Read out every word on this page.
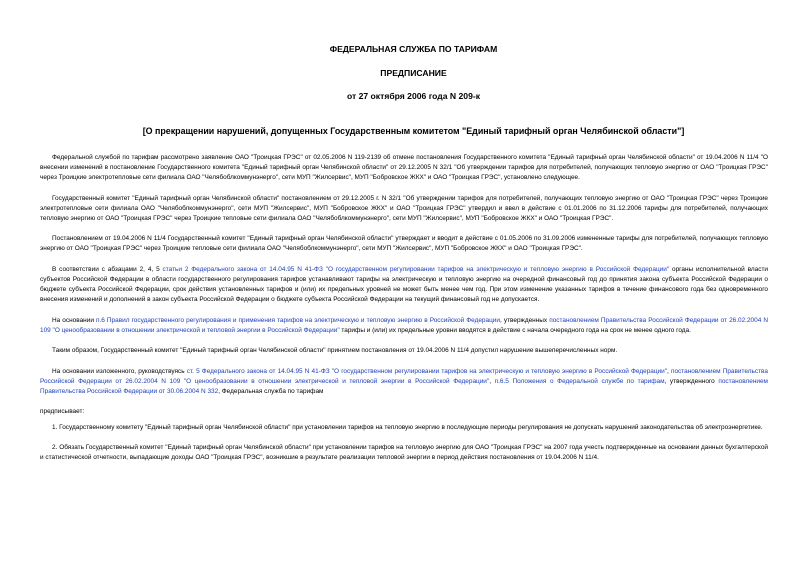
ФЕДЕРАЛЬНАЯ СЛУЖБА ПО ТАРИФАМ
ПРЕДПИСАНИЕ
от 27 октября 2006 года N 209-к
[О прекращении нарушений, допущенных Государственным комитетом "Единый тарифный орган Челябинской области"]

Федеральной службой по тарифам рассмотрено заявление ОАО "Троицкая ГРЭС" от 02.05.2006 N 119-2139 об отмене постановления Государственного комитета "Единый тарифный орган Челябинской области" от 19.04.2006 N 11/4 "О внесении изменений в постановление Государственного комитета "Единый тарифный орган Челябинской области" от 29.12.2005 N 32/1 "Об утверждении тарифов для потребителей, получающих тепловую энергию от ОАО "Троицкая ГРЭС" через Троицкие электротепловые сети филиала ОАО "Челябоблкоммунэнерго", сети МУП "Жилсервис", МУП "Бобровское ЖКХ" и ОАО "Троицкая ГРЭС", установлено следующее.

Государственный комитет "Единый тарифный орган Челябинской области" постановлением от 29.12.2005 г. N 32/1 "Об утверждении тарифов для потребителей, получающих тепловую энергию от ОАО "Троицкая ГРЭС" через Троицкие электротепловые сети филиала ОАО "Челябоблкоммунэнерго", сети МУП "Жилсервис", МУП "Бобровское ЖКХ" и ОАО "Троицкая ГРЭС" утвердил и ввел в действие с 01.01.2006 по 31.12.2006 тарифы для потребителей, получающих тепловую энергию от ОАО "Троицкая ГРЭС" через Троицкие тепловые сети филиала ОАО "Челябоблкоммунэнерго", сети МУП "Жилсервис", МУП "Бобровское ЖКХ" и ОАО "Троицкая ГРЭС".

Постановлением от 19.04.2006 N 11/4 Государственный комитет "Единый тарифный орган Челябинской области" утверждает и вводит в действие с 01.05.2006 по 31.09.2006 измененные тарифы для потребителей, получающих тепловую энергию от ОАО "Троицкая ГРЭС" через Троицкие тепловые сети филиала ОАО "Челябоблкоммунэнерго", сети МУП "Жилсервис", МУП "Бобровское ЖКХ" и ОАО "Троицкая ГРЭС".

В соответствии с абзацами 2, 4, 5 статьи 2 Федерального закона от 14.04.95 N 41-ФЗ "О государственном регулировании тарифов на электрическую и тепловую энергию в Российской Федерации" органы исполнительной власти субъектов Российской Федерации в области государственного регулирования тарифов устанавливают тарифы на электрическую и тепловую энергию на очередной финансовый год до принятия закона субъекта Российской Федерации о бюджете субъекта Российской Федерации, срок действия установленных тарифов и (или) их предельных уровней не может быть менее чем год. При этом изменение указанных тарифов в течение финансового года без одновременного внесения изменений и дополнений в закон субъекта Российской Федерации о бюджете субъекта Российской Федерации на текущий финансовый год не допускается.

На основании п.6 Правил государственного регулирования и применения тарифов на электрическую и тепловую энергию в Российской Федерации, утвержденных постановлением Правительства Российской Федерации от 26.02.2004 N 109 "О ценообразовании в отношении электрической и тепловой энергии в Российской Федерации" тарифы и (или) их предельные уровни вводятся в действие с начала очередного года на срок не менее одного года.

Таким образом, Государственный комитет "Единый тарифный орган Челябинской области" принятием постановления от 19.04.2006 N 11/4 допустил нарушение вышеперечисленных норм.

На основании изложенного, руководствуясь ст. 5 Федерального закона от 14.04.95 N 41-ФЗ "О государственном регулировании тарифов на электрическую и тепловую энергию в Российской Федерации", постановлением Правительства Российской Федерации от 26.02.2004 N 109 "О ценообразовании в отношении электрической и тепловой энергии в Российской Федерации", п.6.5 Положения о Федеральной службе по тарифам, утвержденного постановлением Правительства Российской Федерации от 30.06.2004 N 332, Федеральная служба по тарифам

предписывает:

1. Государственному комитету "Единый тарифный орган Челябинской области" при установлении тарифов на тепловую энергию в последующие периоды регулирования не допускать нарушений законодательства об электроэнергетике.

2. Обязать Государственный комитет "Единый тарифный орган Челябинской области" при установлении тарифов на тепловую энергию для ОАО "Троицкая ГРЭС" на 2007 года учесть подтвержденные на основании данных бухгалтерской и статистической отчетности, выпадающие доходы ОАО "Троицкая ГРЭС", возникшие в результате реализации тепловой энергии в период действия постановления от 19.04.2006 N 11/4.
